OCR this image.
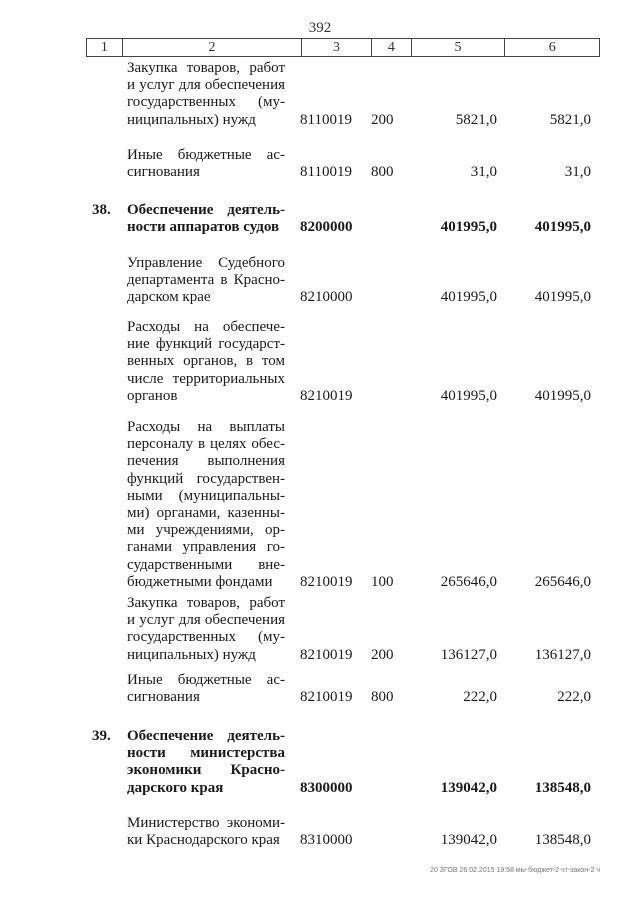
392
1	2	3	4	5	6
Закупка товаров, работ
и услуг для обеспечения
государственных (му-
ниципальных) нужд	8110019 200	5821,0	5821,0
Иные бюджетные ас-
сигнования	8110019 800	31,0	31,0
38. Обеспечение деятель-
ности аппаратов судов	8200000	401995,0	401995,0
Управление Судебного
департамента в Красно-
дарском крае	8210000	401995,0	401995,0
Расходы на обеспече-
ние функций государст-
венных органов, в том
числе территориальных
органов	8210019	401995,0	401995,0
Расходы на выплаты
персоналу в целях обес-
печения выполнения
функций государствен-
ными (муниципальны-
ми) органами, казенны-
ми учреждениями, ор-
ганами управления го-
сударственными вне-
бюджетными фондами	8210019 100	265646,0	265646,0
Закупка товаров, работ
и услуг для обеспечения
государственных (му-
ниципальных) нужд	8210019 200	136127,0	136127,0
Иные бюджетные ас-
сигнования	8210019 800	222,0	222,0
39. Обеспечение деятель-
ности министерства
экономики Красно-
дарского края	8300000	139042,0	138548,0
Министерство экономи-
ки Краснодарского края	8310000	139042,0	138548,0
20 ЗГОВ 26.02.2015 19:58 мы-бюджет-2 чт-закон-2 ч
